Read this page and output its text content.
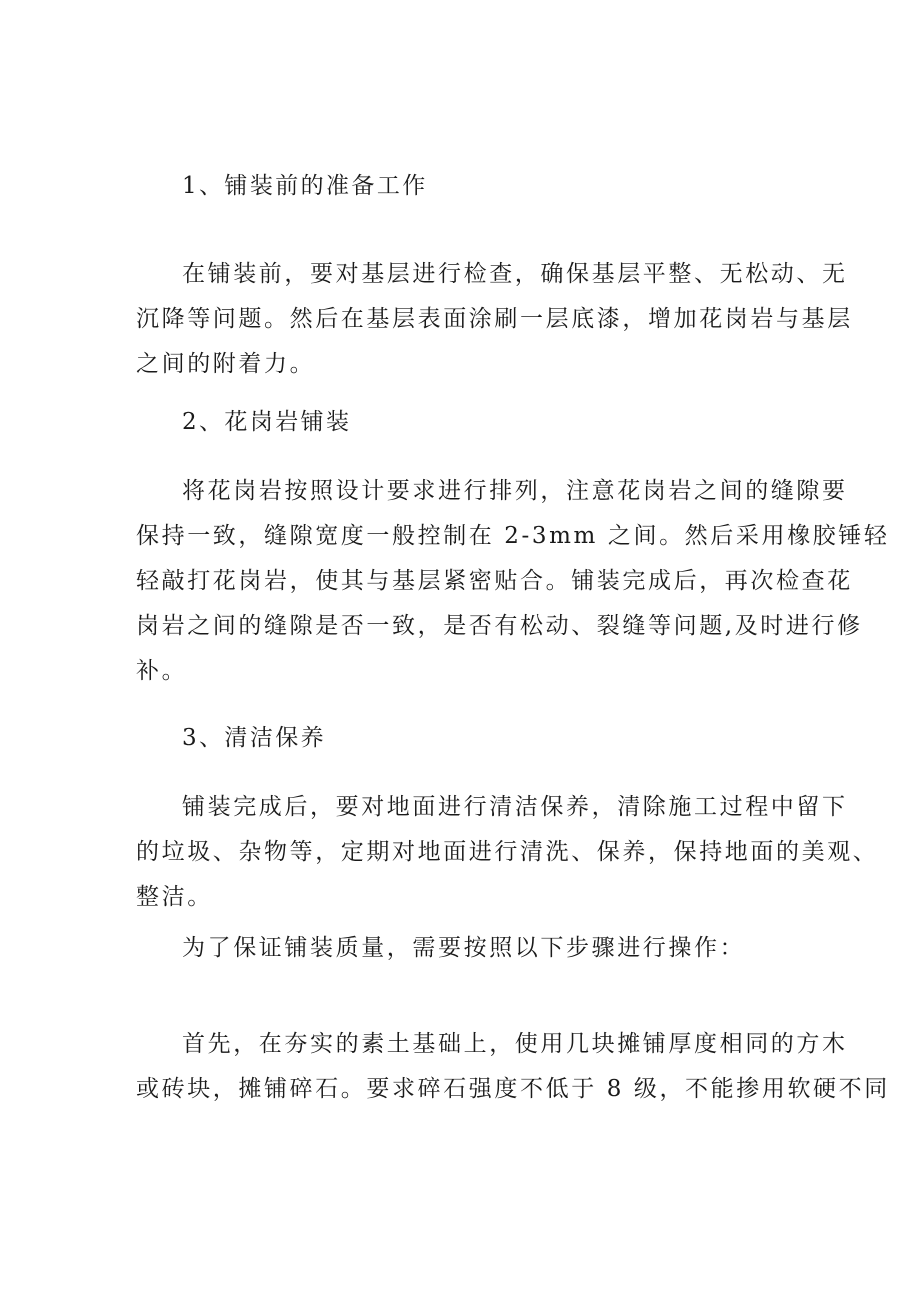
1、铺装前的准备工作
在铺装前，要对基层进行检查，确保基层平整、无松动、无
沉降等问题。然后在基层表面涂刷一层底漆，增加花岗岩与基层
之间的附着力。
2、花岗岩铺装
将花岗岩按照设计要求进行排列，注意花岗岩之间的缝隙要
保持一致，缝隙宽度一般控制在 2-3mm 之间。然后采用橡胶锤轻
轻敲打花岗岩，使其与基层紧密贴合。铺装完成后，再次检查花
岗岩之间的缝隙是否一致，是否有松动、裂缝等问题,及时进行修
补。
3、清洁保养
铺装完成后，要对地面进行清洁保养，清除施工过程中留下
的垃圾、杂物等，定期对地面进行清洗、保养，保持地面的美观、
整洁。
为了保证铺装质量，需要按照以下步骤进行操作：
首先，在夯实的素土基础上，使用几块摊铺厚度相同的方木
或砖块，摊铺碎石。要求碎石强度不低于 8 级，不能掺用软硬不同
